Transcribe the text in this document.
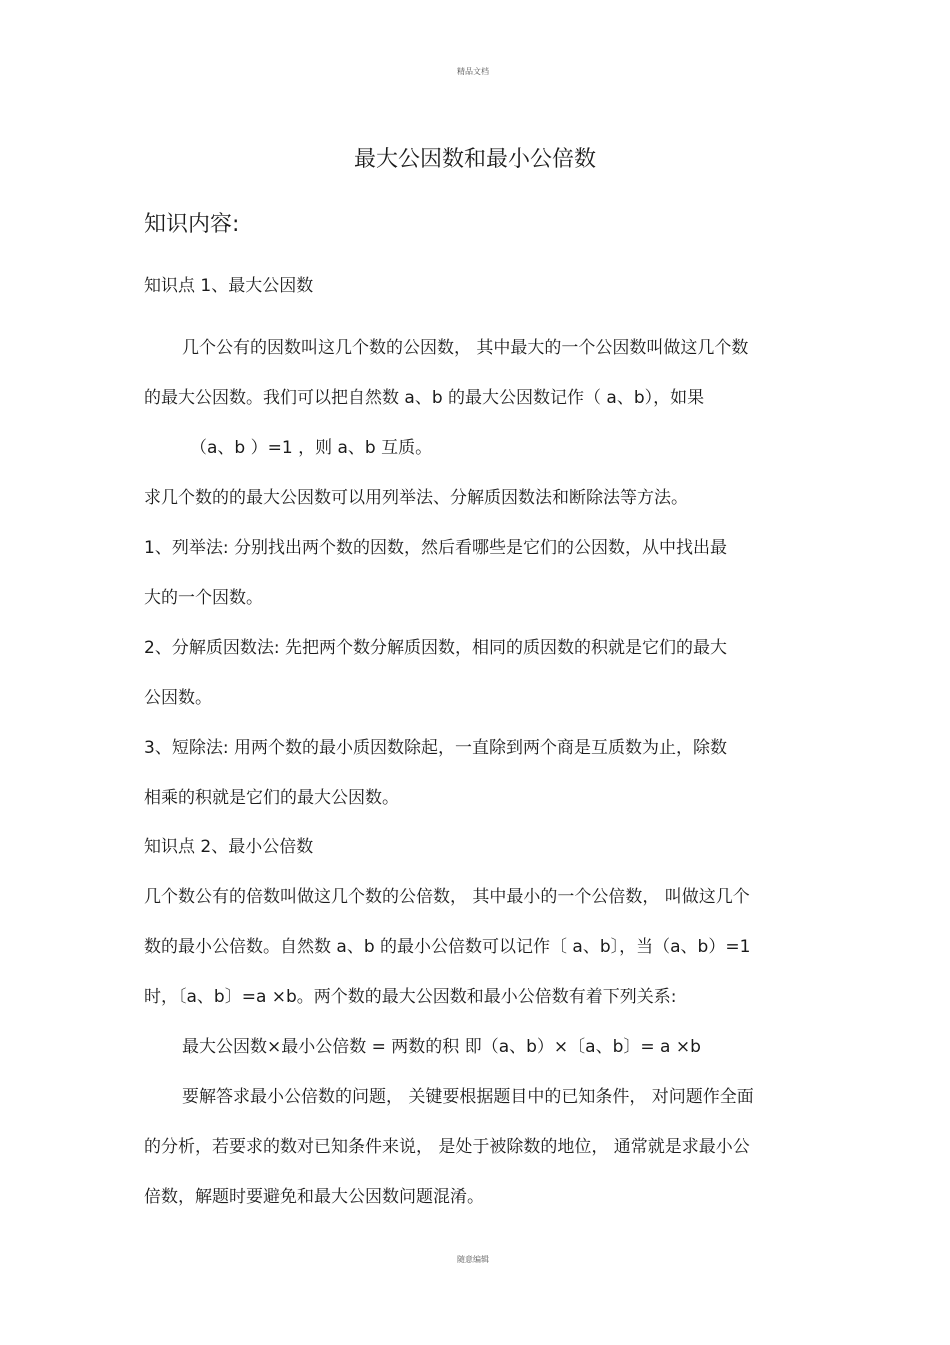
精品文档
最大公因数和最小公倍数
知识内容:
知识点 1、最大公因数
几个公有的因数叫这几个数的公因数， 其中最大的一个公因数叫做这几个数
的最大公因数。我们可以把自然数 a、b 的最大公因数记作（ a、b），如果
（a、b ）=1 ，则 a、b 互质。
求几个数的的最大公因数可以用列举法、分解质因数法和断除法等方法。
1、列举法: 分别找出两个数的因数，然后看哪些是它们的公因数，从中找出最
大的一个因数。
2、分解质因数法: 先把两个数分解质因数，相同的质因数的积就是它们的最大
公因数。
3、短除法: 用两个数的最小质因数除起，一直除到两个商是互质数为止，除数
相乘的积就是它们的最大公因数。
知识点 2、最小公倍数
几个数公有的倍数叫做这几个数的公倍数， 其中最小的一个公倍数， 叫做这几个
数的最小公倍数。自然数 a、b 的最小公倍数可以记作〔 a、b〕，当（a、b）=1
时，〔a、b〕=a ×b。两个数的最大公因数和最小公倍数有着下列关系:
最大公因数×最小公倍数 = 两数的积 即（a、b）×〔a、b〕= a ×b
要解答求最小公倍数的问题， 关键要根据题目中的已知条件， 对问题作全面
的分析，若要求的数对已知条件来说， 是处于被除数的地位， 通常就是求最小公
倍数，解题时要避免和最大公因数问题混淆。
随意编辑
